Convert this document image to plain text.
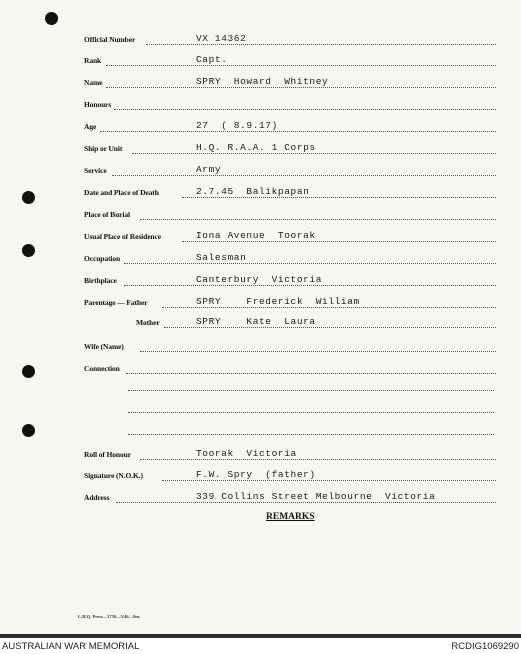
Official Number	VX 14362
Rank	Capt.
Name	SPRY  Howard  Whitney
Honours
Age	27  ( 8.9.17)
Ship or Unit	H.Q. R.A.A. 1 Corps
Service	Army
Date and Place of Death	2.7.45  Balikpapan
Place of Burial
Usual Place of Residence	Iona Avenue  Toorak
Occupation	Salesman
Birthplace	Canterbury  Victoria
Parentage — Father	SPRY    Frederick  William
Mother	SPRY    Kate  Laura
Wife (Name)
Connection
Roll of Honour	Toorak  Victoria
Signature (N.O.K.)	F.W. Spry  (father)
Address	339 Collins Street Melbourne  Victoria
REMARKS
L.H.Q. Press—3759—5/46—8m.
AUSTRALIAN WAR MEMORIAL	RCDIG1069290
